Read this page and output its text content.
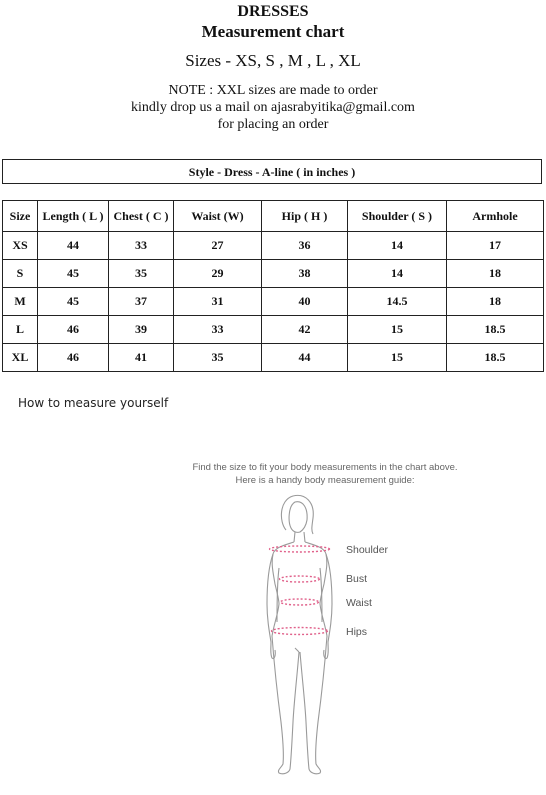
DRESSES
Measurement chart
Sizes - XS, S , M , L , XL
NOTE : XXL sizes are made to order
kindly drop us a mail on ajasrabyitika@gmail.com
for placing an order
Style - Dress - A-line ( in inches )
Size	Length ( L )	Chest ( C )	Waist (W)	Hip ( H )	Shoulder ( S )	Armhole
XS	44	33	27	36	14	17
S	45	35	29	38	14	18
M	45	37	31	40	14.5	18
L	46	39	33	42	15	18.5
XL	46	41	35	44	15	18.5
How to measure yourself
Find the size to fit your body measurements in the chart above.
Here is a handy body measurement guide:
Shoulder
Bust
Waist
Hips
